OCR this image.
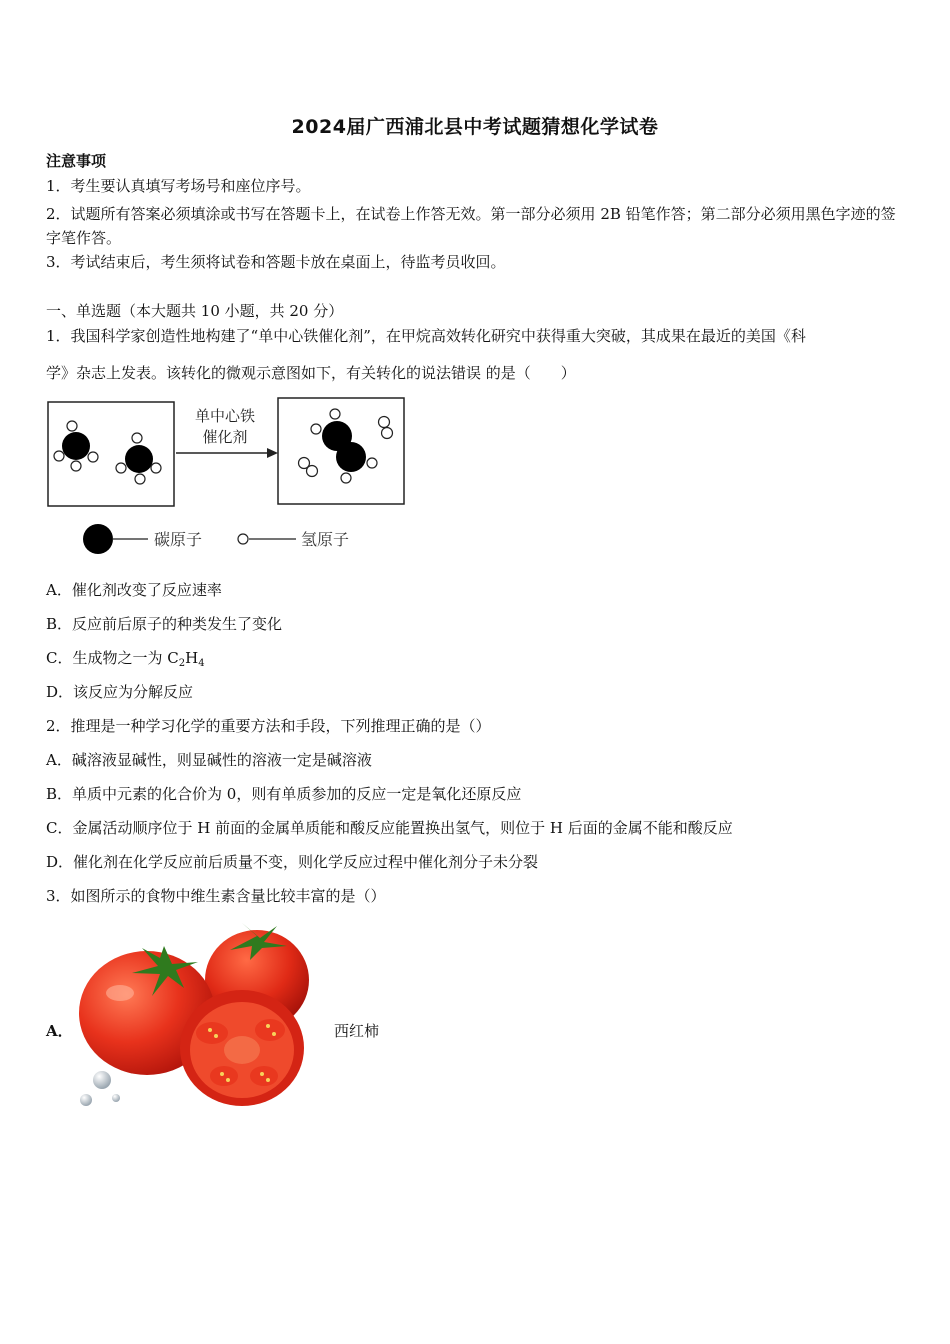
2024届广西浦北县中考试题猜想化学试卷
注意事项
1．考生要认真填写考场号和座位序号。
2．试题所有答案必须填涂或书写在答题卡上，在试卷上作答无效。第一部分必须用 2B 铅笔作答；第二部分必须用黑色字迹的签字笔作答。
3．考试结束后，考生须将试卷和答题卡放在桌面上，待监考员收回。
一、单选题（本大题共 10 小题，共 20 分）
1．我国科学家创造性地构建了“单中心铁催化剂”，在甲烷高效转化研究中获得重大突破，其成果在最近的美国《科
学》杂志上发表。该转化的微观示意图如下，有关转化的说法错误 的是（　　）
单中心铁
催化剂
碳原子	氢原子
A．催化剂改变了反应速率
B．反应前后原子的种类发生了变化
C．生成物之一为 $C_2H_4$
D．该反应为分解反应
2．推理是一种学习化学的重要方法和手段，下列推理正确的是（）
A．碱溶液显碱性，则显碱性的溶液一定是碱溶液
B．单质中元素的化合价为 0，则有单质参加的反应一定是氧化还原反应
C．金属活动顺序位于 H 前面的金属单质能和酸反应能置换出氢气，则位于 H 后面的金属不能和酸反应
D．催化剂在化学反应前后质量不变，则化学反应过程中催化剂分子未分裂
3．如图所示的食物中维生素含量比较丰富的是（）
A．	西红柿
